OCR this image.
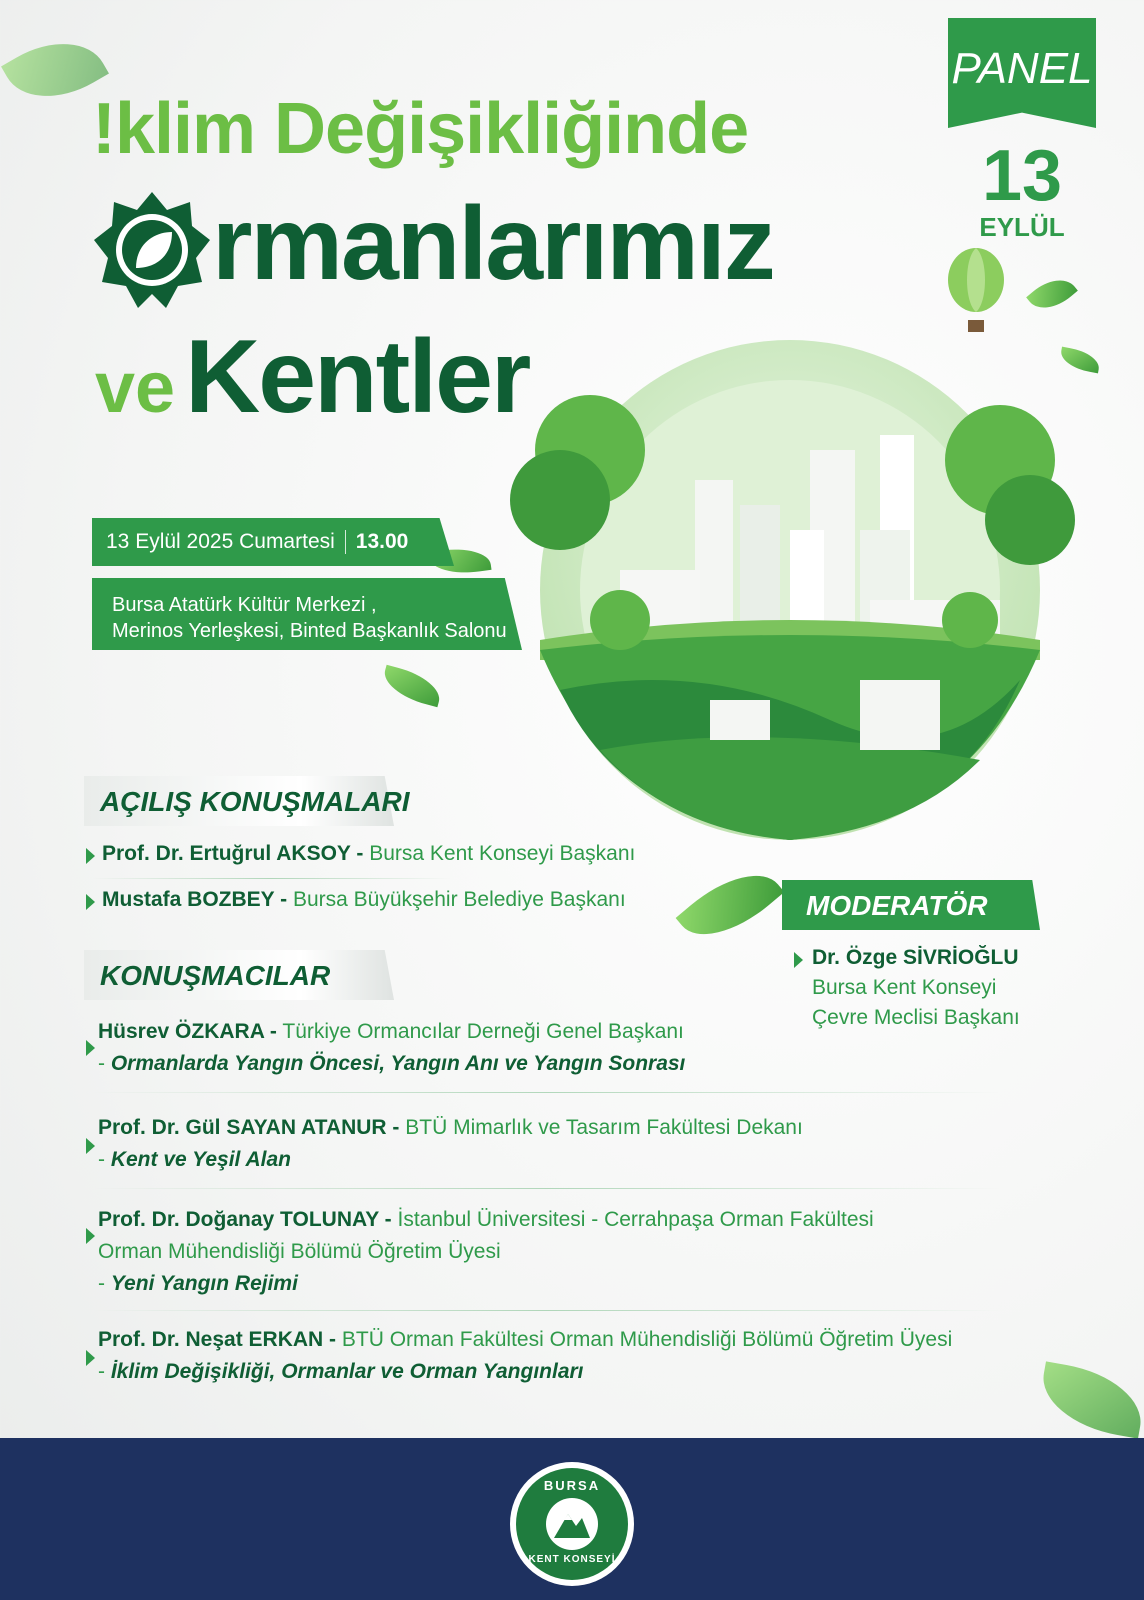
!klim Değişikliğinde
rmanlarımız
veKentler
PANEL
13
EYLÜL
13 Eylül 2025 Cumartesi 13.00
Bursa Atatürk Kültür Merkezi ,
Merinos Yerleşkesi, Binted Başkanlık Salonu
AÇILIŞ KONUŞMALARI
Prof. Dr. Ertuğrul AKSOY - Bursa Kent Konseyi Başkanı
Mustafa BOZBEY - Bursa Büyükşehir Belediye Başkanı	MODERATÖR
Dr. Özge SİVRİOĞLU
Bursa Kent Konseyi
Çevre Meclisi Başkanı
KONUŞMACILAR
Hüsrev ÖZKARA - Türkiye Ormancılar Derneği Genel Başkanı
- Ormanlarda Yangın Öncesi, Yangın Anı ve Yangın Sonrası
Prof. Dr. Gül SAYAN ATANUR - BTÜ Mimarlık ve Tasarım Fakültesi Dekanı
- Kent ve Yeşil Alan
Prof. Dr. Doğanay TOLUNAY - İstanbul Üniversitesi - Cerrahpaşa Orman Fakültesi
Orman Mühendisliği Bölümü Öğretim Üyesi
- Yeni Yangın Rejimi
Prof. Dr. Neşat ERKAN - BTÜ Orman Fakültesi Orman Mühendisliği Bölümü Öğretim Üyesi
- İklim Değişikliği, Ormanlar ve Orman Yangınları
BURSA
KENT KONSEYİ
